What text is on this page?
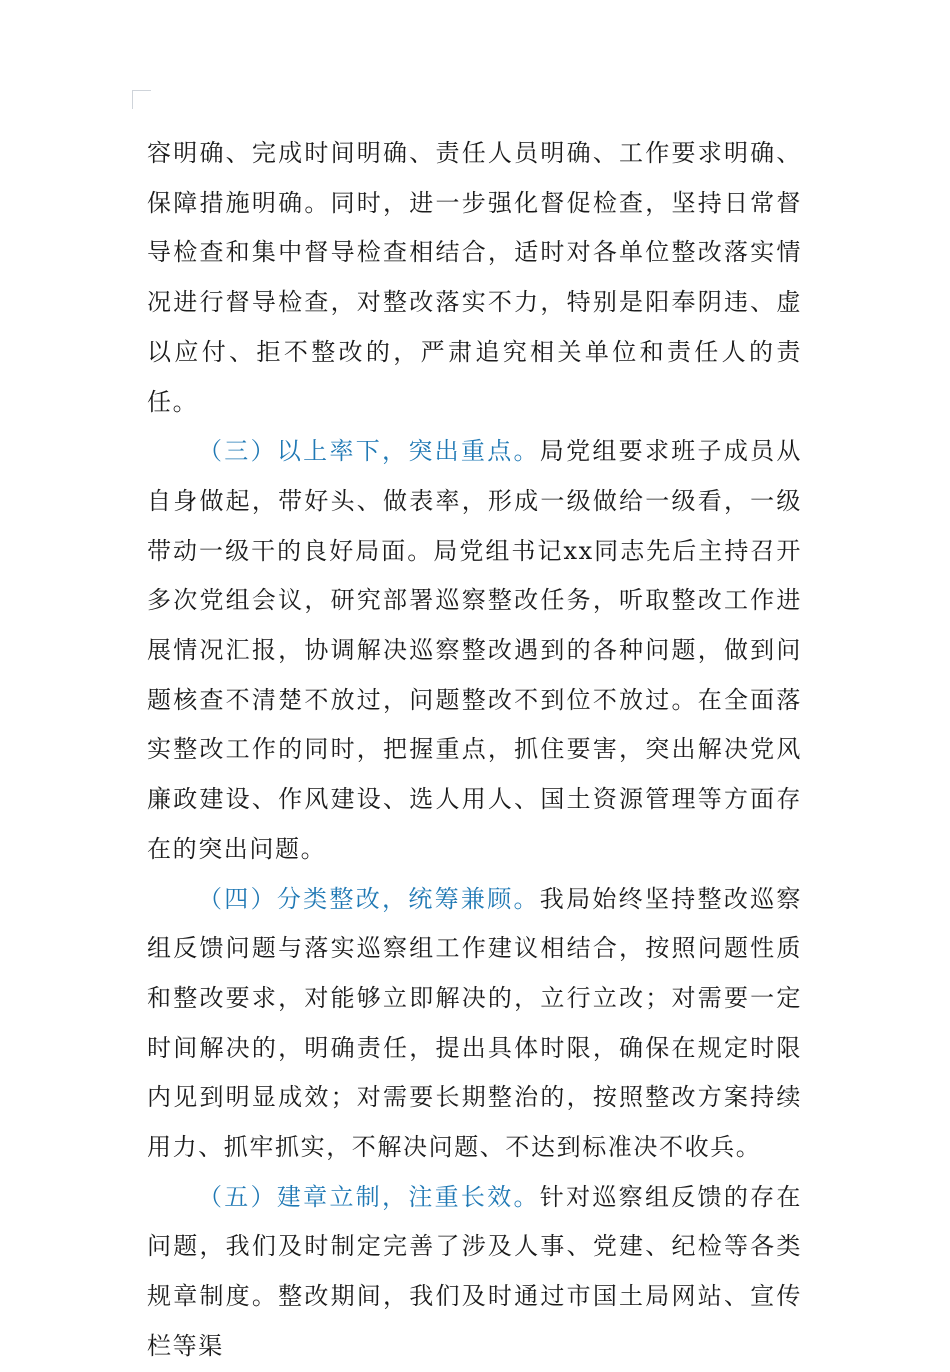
容明确、完成时间明确、责任人员明确、工作要求明确、保障措施明确。同时，进一步强化督促检查，坚持日常督导检查和集中督导检查相结合，适时对各单位整改落实情况进行督导检查，对整改落实不力，特别是阳奉阴违、虚以应付、拒不整改的，严肃追究相关单位和责任人的责任。

（三）以上率下，突出重点。局党组要求班子成员从自身做起，带好头、做表率，形成一级做给一级看，一级带动一级干的良好局面。局党组书记xx同志先后主持召开多次党组会议，研究部署巡察整改任务，听取整改工作进展情况汇报，协调解决巡察整改遇到的各种问题，做到问题核查不清楚不放过，问题整改不到位不放过。在全面落实整改工作的同时，把握重点，抓住要害，突出解决党风廉政建设、作风建设、选人用人、国土资源管理等方面存在的突出问题。

（四）分类整改，统筹兼顾。我局始终坚持整改巡察组反馈问题与落实巡察组工作建议相结合，按照问题性质和整改要求，对能够立即解决的，立行立改；对需要一定时间解决的，明确责任，提出具体时限，确保在规定时限内见到明显成效；对需要长期整治的，按照整改方案持续用力、抓牢抓实，不解决问题、不达到标准决不收兵。

（五）建章立制，注重长效。针对巡察组反馈的存在问题，我们及时制定完善了涉及人事、党建、纪检等各类规章制度。整改期间，我们及时通过市国土局网站、宣传栏等渠
